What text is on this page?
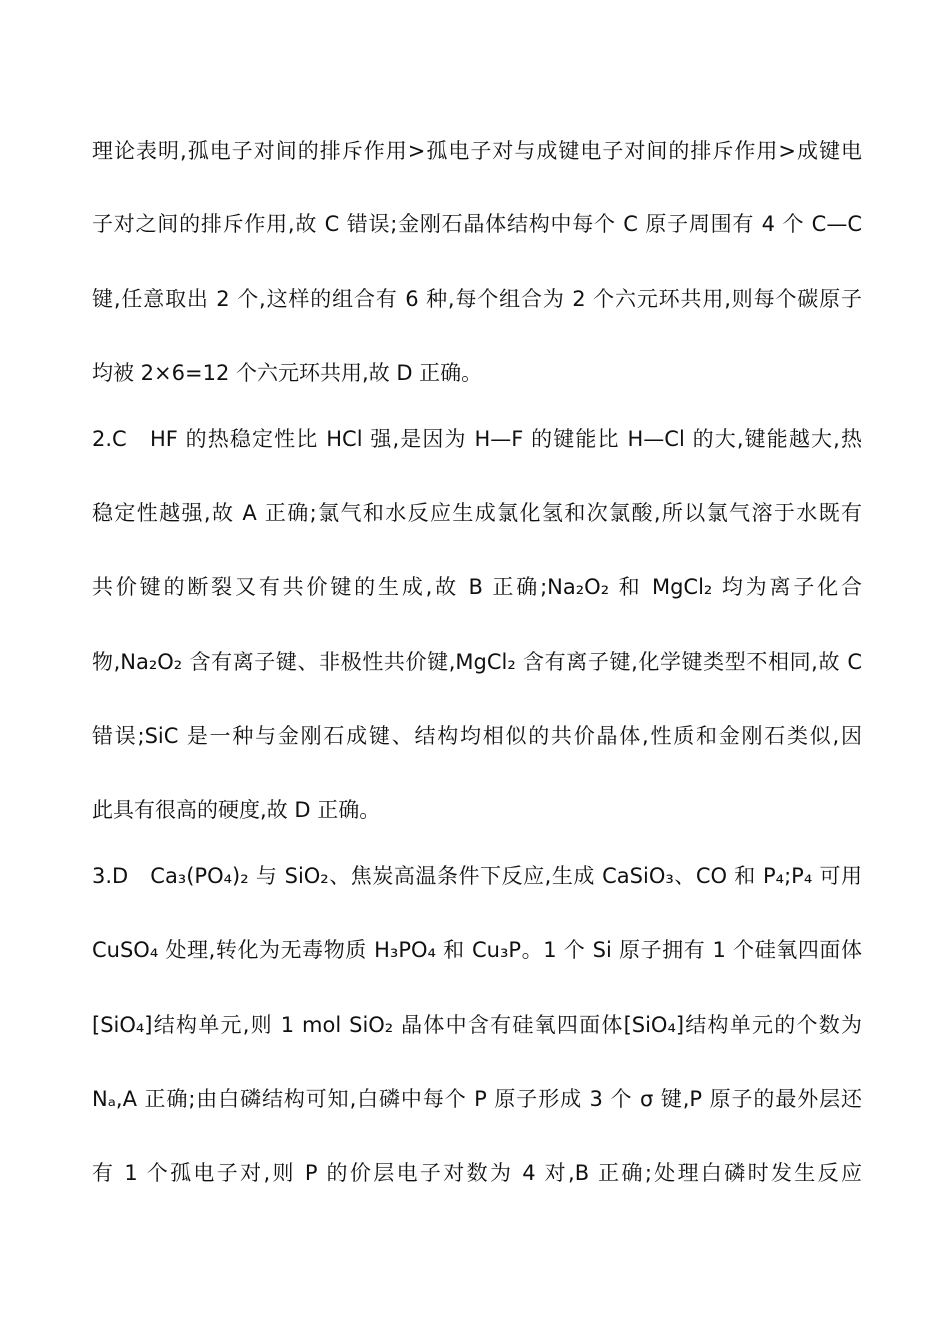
理论表明,孤电子对间的排斥作用>孤电子对与成键电子对间的排斥作用>成键电
子对之间的排斥作用,故 C 错误;金刚石晶体结构中每个 C 原子周围有 4 个 C—C
键,任意取出 2 个,这样的组合有 6 种,每个组合为 2 个六元环共用,则每个碳原子
均被 2×6=12 个六元环共用,故 D 正确。
2.C　HF 的热稳定性比 HCl 强,是因为 H—F 的键能比 H—Cl 的大,键能越大,热
稳定性越强,故 A 正确;氯气和水反应生成氯化氢和次氯酸,所以氯气溶于水既有
共价键的断裂又有共价键的生成,故 B 正确;Na₂O₂ 和 MgCl₂ 均为离子化合
物,Na₂O₂ 含有离子键、非极性共价键,MgCl₂ 含有离子键,化学键类型不相同,故 C
错误;SiC 是一种与金刚石成键、结构均相似的共价晶体,性质和金刚石类似,因
此具有很高的硬度,故 D 正确。
3.D　Ca₃(PO₄)₂ 与 SiO₂、焦炭高温条件下反应,生成 CaSiO₃、CO 和 P₄;P₄ 可用
CuSO₄ 处理,转化为无毒物质 H₃PO₄ 和 Cu₃P。1 个 Si 原子拥有 1 个硅氧四面体
[SiO₄]结构单元,则 1 mol SiO₂ 晶体中含有硅氧四面体[SiO₄]结构单元的个数为
Nₐ,A 正确;由白磷结构可知,白磷中每个 P 原子形成 3 个 σ 键,P 原子的最外层还
有 1 个孤电子对,则 P 的价层电子对数为 4 对,B 正确;处理白磷时发生反应
